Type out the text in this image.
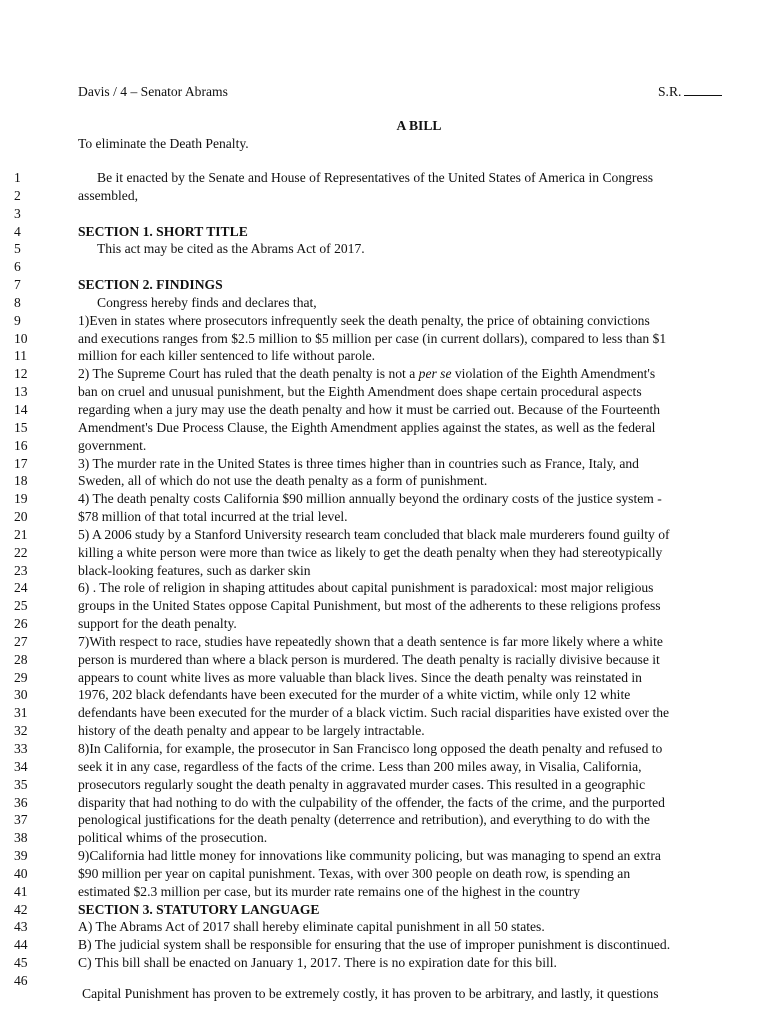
Davis / 4 – Senator Abrams	S.R.
A BILL
To eliminate the Death Penalty.
1	Be it enacted by the Senate and House of Representatives of the United States of America in Congress
2	assembled,
3
4	SECTION 1. SHORT TITLE
5	This act may be cited as the Abrams Act of 2017.
6
7	SECTION 2. FINDINGS
8	Congress hereby finds and declares that,
9	1)Even in states where prosecutors infrequently seek the death penalty, the price of obtaining convictions
10	and executions ranges from $2.5 million to $5 million per case (in current dollars), compared to less than $1
11	million for each killer sentenced to life without parole.
12	2) The Supreme Court has ruled that the death penalty is not a per se violation of the Eighth Amendment's
13	ban on cruel and unusual punishment, but the Eighth Amendment does shape certain procedural aspects
14	regarding when a jury may use the death penalty and how it must be carried out. Because of the Fourteenth
15	Amendment's Due Process Clause, the Eighth Amendment applies against the states, as well as the federal
16	government.
17	3) The murder rate in the United States is three times higher than in countries such as France, Italy, and
18	Sweden, all of which do not use the death penalty as a form of punishment.
19	4) The death penalty costs California $90 million annually beyond the ordinary costs of the justice system -
20	$78 million of that total incurred at the trial level.
21	5) A 2006 study by a Stanford University research team concluded that black male murderers found guilty of
22	killing a white person were more than twice as likely to get the death penalty when they had stereotypically
23	black-looking features, such as darker skin
24	6) . The role of religion in shaping attitudes about capital punishment is paradoxical: most major religious
25	groups in the United States oppose Capital Punishment, but most of the adherents to these religions profess
26	support for the death penalty.
27	7)With respect to race, studies have repeatedly shown that a death sentence is far more likely where a white
28	person is murdered than where a black person is murdered. The death penalty is racially divisive because it
29	appears to count white lives as more valuable than black lives. Since the death penalty was reinstated in
30	1976, 202 black defendants have been executed for the murder of a white victim, while only 12 white
31	defendants have been executed for the murder of a black victim. Such racial disparities have existed over the
32	history of the death penalty and appear to be largely intractable.
33	8)In California, for example, the prosecutor in San Francisco long opposed the death penalty and refused to
34	seek it in any case, regardless of the facts of the crime. Less than 200 miles away, in Visalia, California,
35	prosecutors regularly sought the death penalty in aggravated murder cases. This resulted in a geographic
36	disparity that had nothing to do with the culpability of the offender, the facts of the crime, and the purported
37	penological justifications for the death penalty (deterrence and retribution), and everything to do with the
38	political whims of the prosecution.
39	9)California had little money for innovations like community policing, but was managing to spend an extra
40	$90 million per year on capital punishment. Texas, with over 300 people on death row, is spending an
41	estimated $2.3 million per case, but its murder rate remains one of the highest in the country
42	SECTION 3. STATUTORY LANGUAGE
43	A) The Abrams Act of 2017 shall hereby eliminate capital punishment in all 50 states.
44	B) The judicial system shall be responsible for ensuring that the use of improper punishment is discontinued.
45	C) This bill shall be enacted on January 1, 2017. There is no expiration date for this bill.
46
Capital Punishment has proven to be extremely costly, it has proven to be arbitrary, and lastly, it questions
